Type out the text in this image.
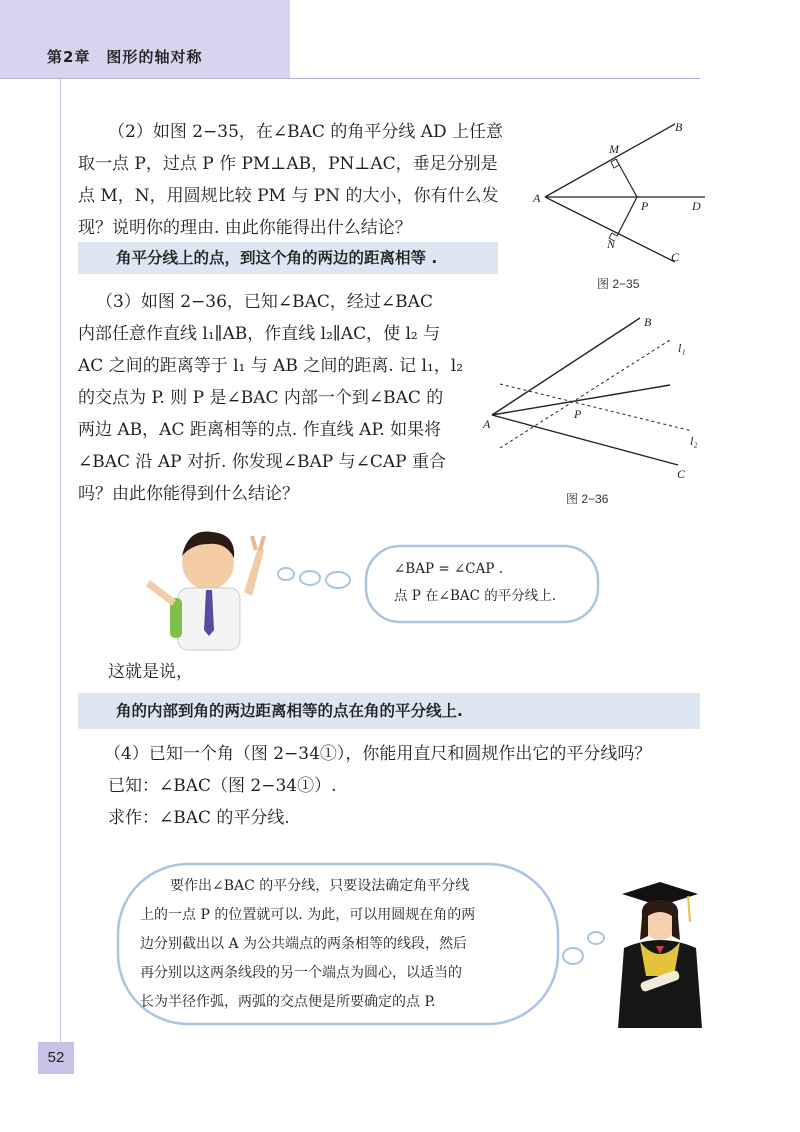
第2章　图形的轴对称
（2）如图 2−35，在∠BAC 的角平分线 AD 上任意
取一点 P，过点 P 作 PM⊥AB，PN⊥AC，垂足分别是
点 M，N，用圆规比较 PM 与 PN 的大小，你有什么发
现？说明你的理由. 由此你能得出什么结论？
角平分线上的点，到这个角的两边的距离相等 .
A
B
C
D
M
N
P
图 2−35
（3）如图 2−36，已知∠BAC，经过∠BAC
内部任意作直线 l₁∥AB，作直线 l₂∥AC，使 l₂ 与
AC 之间的距离等于 l₁ 与 AB 之间的距离. 记 l₁，l₂
的交点为 P. 则 P 是∠BAC 内部一个到∠BAC 的
两边 AB，AC 距离相等的点. 作直线 AP. 如果将
∠BAC 沿 AP 对折. 你发现∠BAP 与∠CAP 重合
吗？由此你能得到什么结论？
A
B
C
P
l₁
l₂
图 2−36
∠BAP = ∠CAP .
点 P 在∠BAC 的平分线上.
这就是说，
角的内部到角的两边距离相等的点在角的平分线上.
（4）已知一个角（图 2−34①），你能用直尺和圆规作出它的平分线吗？
已知：∠BAC（图 2−34①）.
求作：∠BAC 的平分线.
要作出∠BAC 的平分线，只要设法确定角平分线
上的一点 P 的位置就可以. 为此，可以用圆规在角的两
边分别截出以 A 为公共端点的两条相等的线段，然后
再分别以这两条线段的另一个端点为圆心，以适当的
长为半径作弧，两弧的交点便是所要确定的点 P.
52
